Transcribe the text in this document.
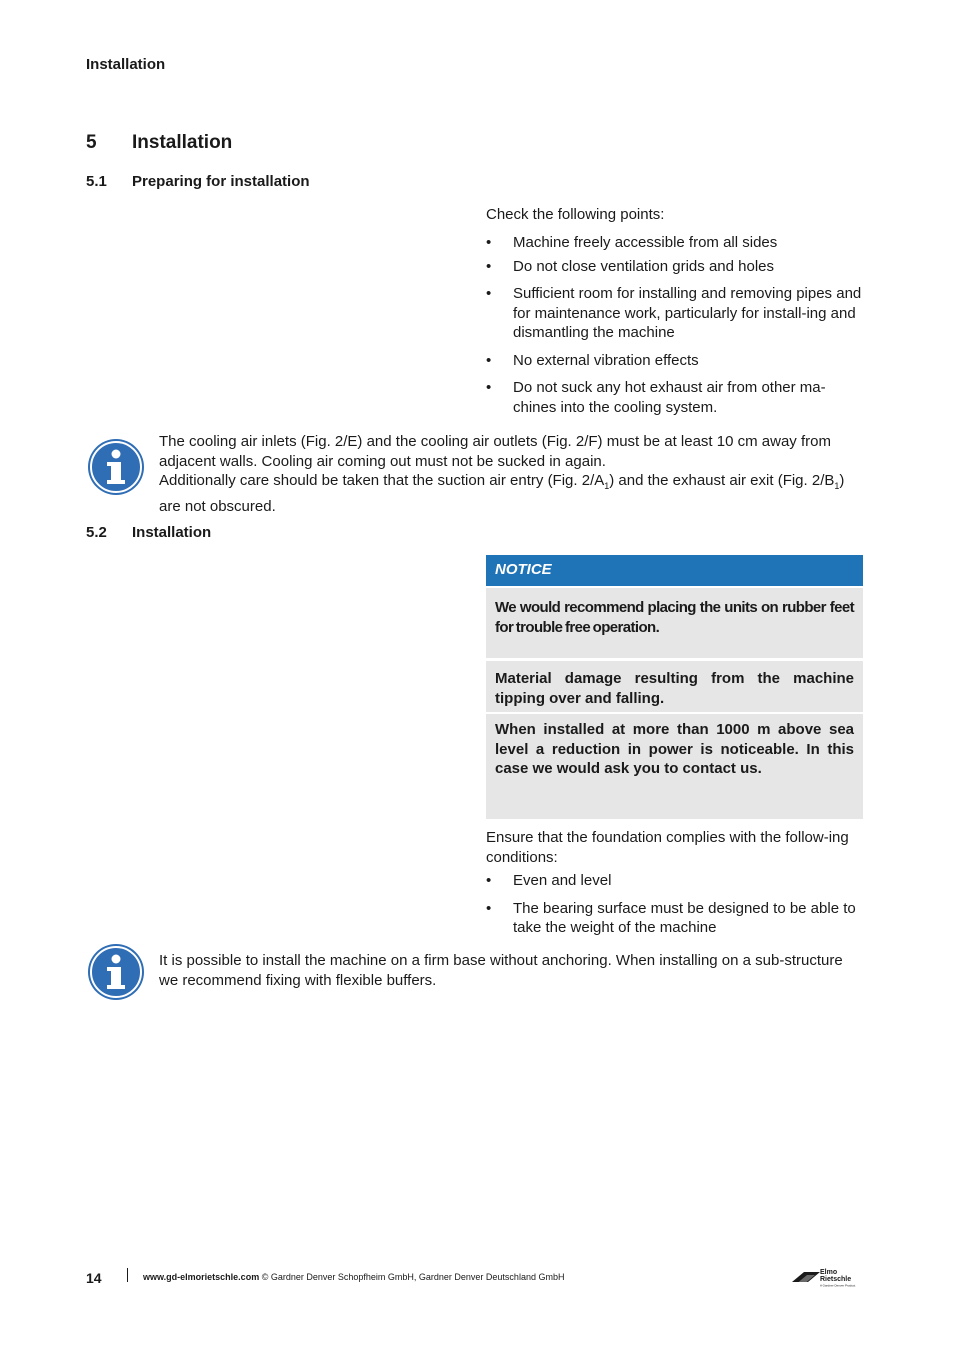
Installation
5 Installation
5.1 Preparing for installation
Check the following points:
• Machine freely accessible from all sides
• Do not close ventilation grids and holes
• Sufficient room for installing and removing pipes and for maintenance work, particularly for install-ing and dismantling the machine
• No external vibration effects
• Do not suck any hot exhaust air from other ma-chines into the cooling system.
The cooling air inlets (Fig. 2/E) and the cooling air outlets (Fig. 2/F) must be at least 10 cm away from adjacent walls. Cooling air coming out must not be sucked in again.
Additionally care should be taken that the suction air entry (Fig. $2/A_1$) and the exhaust air exit (Fig. $2/B_1$) are not obscured.
5.2 Installation
NOTICE
We would recommend placing the units on rubber feet for trouble free operation.
Material damage resulting from the machine tipping over and falling.
When installed at more than 1000 m above sea level a reduction in power is noticeable. In this case we would ask you to contact us.
Ensure that the foundation complies with the follow-ing conditions:
• Even and level
• The bearing surface must be designed to be able to take the weight of the machine
It is possible to install the machine on a firm base without anchoring. When installing on a sub-structure we recommend fixing with flexible buffers.
14	www.gd-elmorietschle.com © Gardner Denver Schopfheim GmbH, Gardner Denver Deutschland GmbH	Elmo
Rietschle
A Gardner Denver Product
